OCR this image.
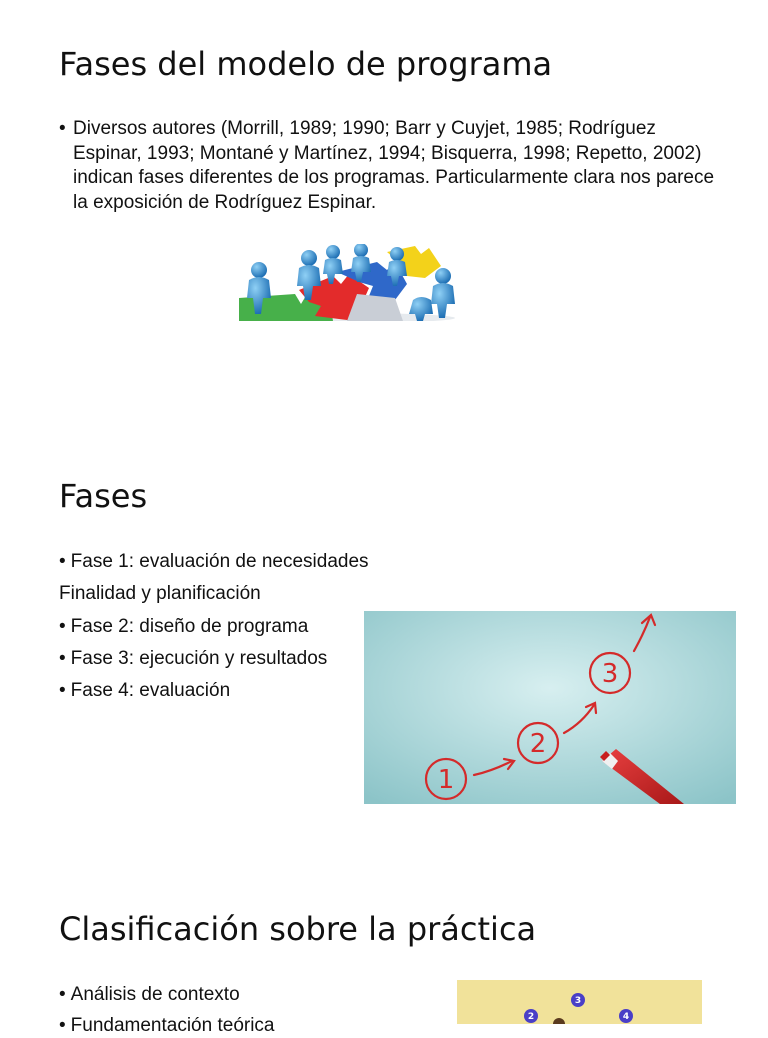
Fases del modelo de programa
• Diversos autores (Morrill, 1989; 1990; Barr y Cuyjet, 1985; Rodríguez Espinar, 1993; Montané y Martínez, 1994; Bisquerra, 1998; Repetto, 2002) indican fases diferentes de los programas. Particularmente clara nos parece la exposición de Rodríguez Espinar.
Fases
• Fase 1: evaluación de necesidades
Finalidad y planificación
• Fase 2: diseño de programa
• Fase 3: ejecución y resultados
• Fase 4: evaluación
1
2
3
Clasificación sobre la práctica
• Análisis de contexto
• Fundamentación teórica	2
3
4
